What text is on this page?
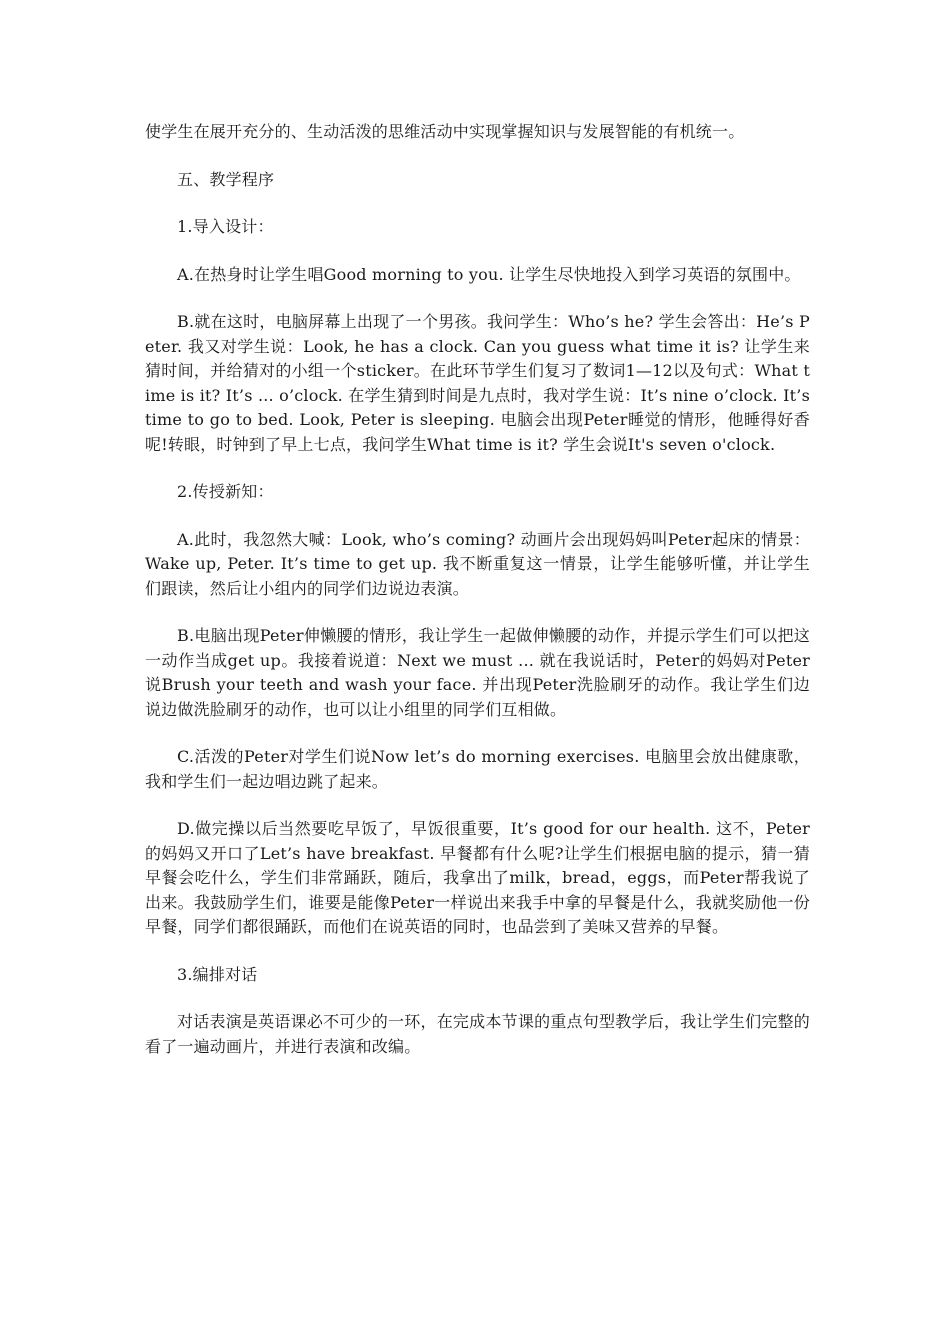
使学生在展开充分的、生动活泼的思维活动中实现掌握知识与发展智能的有机统一。

五、教学程序

1.导入设计：

A.在热身时让学生唱Good morning to you. 让学生尽快地投入到学习英语的氛围中。

B.就在这时，电脑屏幕上出现了一个男孩。我问学生：Who’s he? 学生会答出：He’s Peter. 我又对学生说：Look, he has a clock. Can you guess what time it is? 让学生来猜时间，并给猜对的小组一个sticker。在此环节学生们复习了数词1—12以及句式：What time is it? It’s ... o’clock. 在学生猜到时间是九点时，我对学生说：It’s nine o’clock. It’s time to go to bed. Look, Peter is sleeping. 电脑会出现Peter睡觉的情形，他睡得好香呢!转眼，时钟到了早上七点，我问学生What time is it? 学生会说It's seven o'clock.

2.传授新知：

A.此时，我忽然大喊：Look, who’s coming? 动画片会出现妈妈叫Peter起床的情景：Wake up, Peter. It’s time to get up. 我不断重复这一情景，让学生能够听懂，并让学生们跟读，然后让小组内的同学们边说边表演。

B.电脑出现Peter伸懒腰的情形，我让学生一起做伸懒腰的动作，并提示学生们可以把这一动作当成get up。我接着说道：Next we must ... 就在我说话时，Peter的妈妈对Peter说Brush your teeth and wash your face. 并出现Peter洗脸刷牙的动作。我让学生们边说边做洗脸刷牙的动作，也可以让小组里的同学们互相做。

C.活泼的Peter对学生们说Now let’s do morning exercises. 电脑里会放出健康歌，我和学生们一起边唱边跳了起来。

D.做完操以后当然要吃早饭了，早饭很重要，It’s good for our health. 这不，Peter的妈妈又开口了Let’s have breakfast. 早餐都有什么呢?让学生们根据电脑的提示，猜一猜早餐会吃什么，学生们非常踊跃，随后，我拿出了milk，bread，eggs，而Peter帮我说了出来。我鼓励学生们，谁要是能像Peter一样说出来我手中拿的早餐是什么，我就奖励他一份早餐，同学们都很踊跃，而他们在说英语的同时，也品尝到了美味又营养的早餐。

3.编排对话

对话表演是英语课必不可少的一环，在完成本节课的重点句型教学后，我让学生们完整的看了一遍动画片，并进行表演和改编。
